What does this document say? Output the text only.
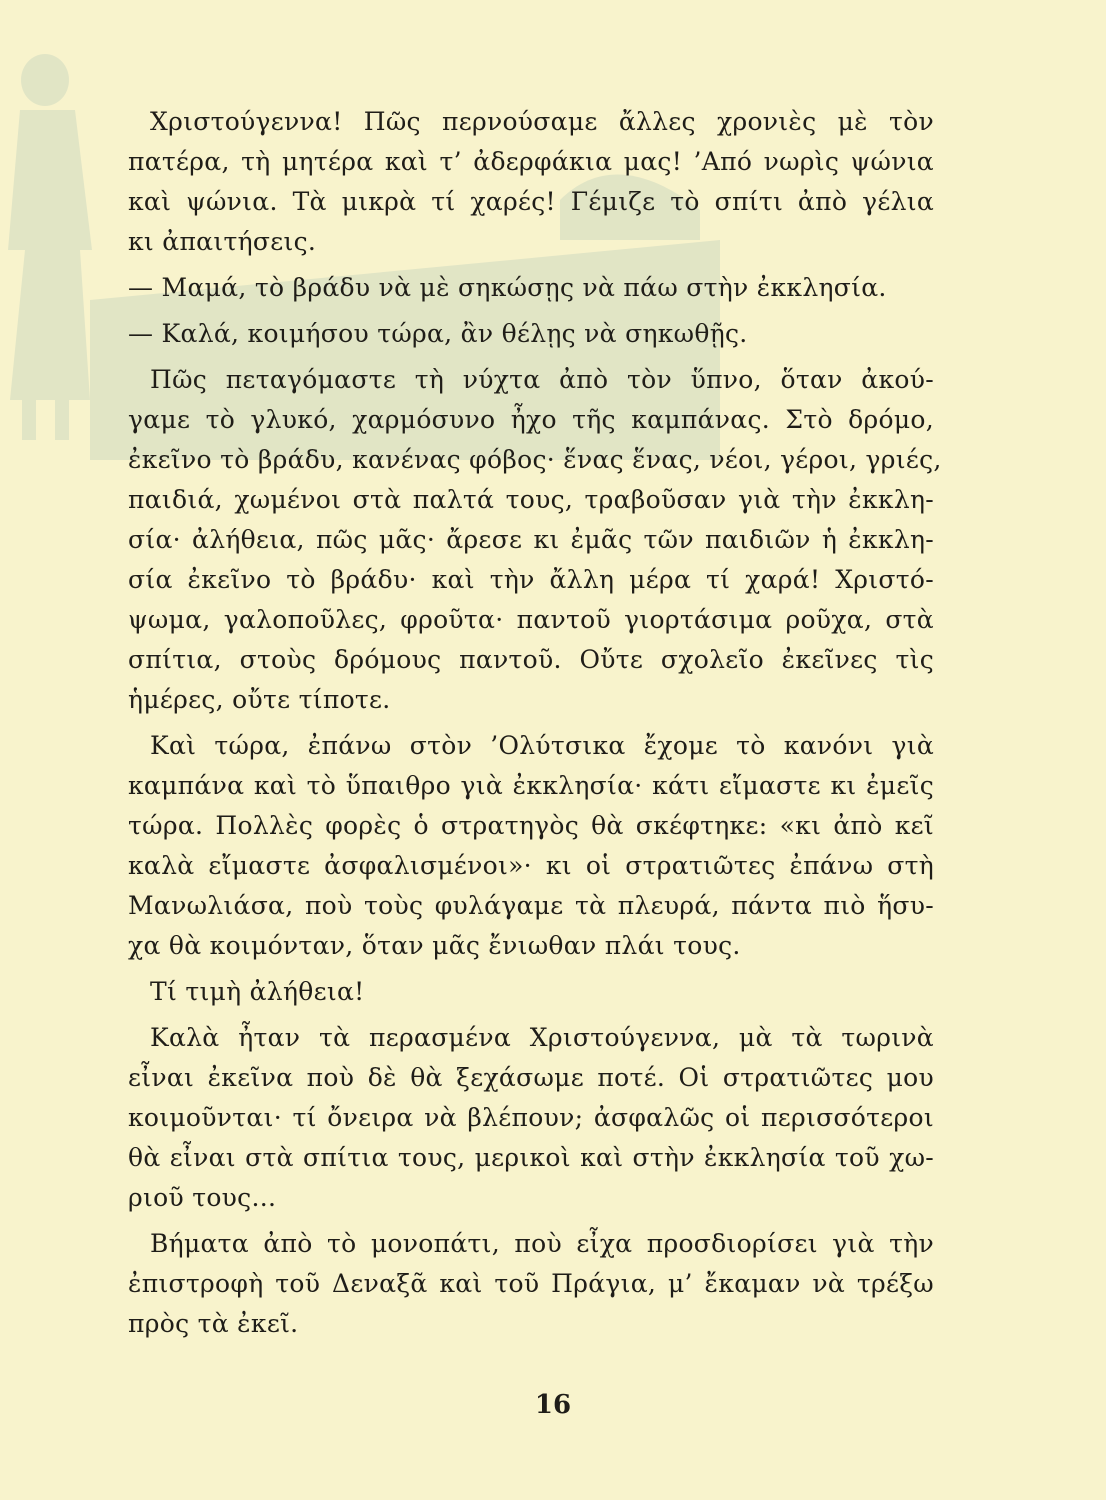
Χριστούγεννα! Πῶς περνούσαμε ἄλλες χρονιὲς μὲ τὸν
πατέρα, τὴ μητέρα καὶ τ’ ἀδερφάκια μας! ’Από νωρὶς ψώνια
καὶ ψώνια. Τὰ μικρὰ τί χαρές! Γέμιζε τὸ σπίτι ἀπὸ γέλια
κι ἀπαιτήσεις.
— Μαμά, τὸ βράδυ νὰ μὲ σηκώσῃς νὰ πάω στὴν ἐκκλησία.
— Καλά, κοιμήσου τώρα, ἂν θέλῃς νὰ σηκωθῇς.
Πῶς πεταγόμαστε τὴ νύχτα ἀπὸ τὸν ὕπνο, ὅταν ἀκού-
γαμε τὸ γλυκό, χαρμόσυνο ἦχο τῆς καμπάνας. Στὸ δρόμο,
ἐκεῖνο τὸ βράδυ, κανένας φόβος· ἕνας ἕνας, νέοι, γέροι, γριές,
παιδιά, χωμένοι στὰ παλτά τους, τραβοῦσαν γιὰ τὴν ἐκκλη-
σία· ἀλήθεια, πῶς μᾶς· ἄρεσε κι ἐμᾶς τῶν παιδιῶν ἡ ἐκκλη-
σία ἐκεῖνο τὸ βράδυ· καὶ τὴν ἄλλη μέρα τί χαρά! Χριστό-
ψωμα, γαλοποῦλες, φροῦτα· παντοῦ γιορτάσιμα ροῦχα, στὰ
σπίτια, στοὺς δρόμους παντοῦ. Οὔτε σχολεῖο ἐκεῖνες τὶς
ἡμέρες, οὔτε τίποτε.
Καὶ τώρα, ἐπάνω στὸν ’Ολύτσικα ἔχομε τὸ κανόνι γιὰ
καμπάνα καὶ τὸ ὕπαιθρο γιὰ ἐκκλησία· κάτι εἴμαστε κι ἐμεῖς
τώρα. Πολλὲς φορὲς ὁ στρατηγὸς θὰ σκέφτηκε: «κι ἀπὸ κεῖ
καλὰ εἴμαστε ἀσφαλισμένοι»· κι οἱ στρατιῶτες ἐπάνω στὴ
Μανωλιάσα, ποὺ τοὺς φυλάγαμε τὰ πλευρά, πάντα πιὸ ἥσυ-
χα θὰ κοιμόνταν, ὅταν μᾶς ἔνιωθαν πλάι τους.
Τί τιμὴ ἀλήθεια!
Καλὰ ἦταν τὰ περασμένα Χριστούγεννα, μὰ τὰ τωρινὰ
εἶναι ἐκεῖνα ποὺ δὲ θὰ ξεχάσωμε ποτέ. Οἱ στρατιῶτες μου
κοιμοῦνται· τί ὄνειρα νὰ βλέπουν; ἀσφαλῶς οἱ περισσότεροι
θὰ εἶναι στὰ σπίτια τους, μερικοὶ καὶ στὴν ἐκκλησία τοῦ χω-
ριοῦ τους...
Βήματα ἀπὸ τὸ μονοπάτι, ποὺ εἶχα προσδιορίσει γιὰ τὴν
ἐπιστροφὴ τοῦ Δεναξᾶ καὶ τοῦ Πράγια, μ’ ἔκαμαν νὰ τρέξω
πρὸς τὰ ἐκεῖ.
16
